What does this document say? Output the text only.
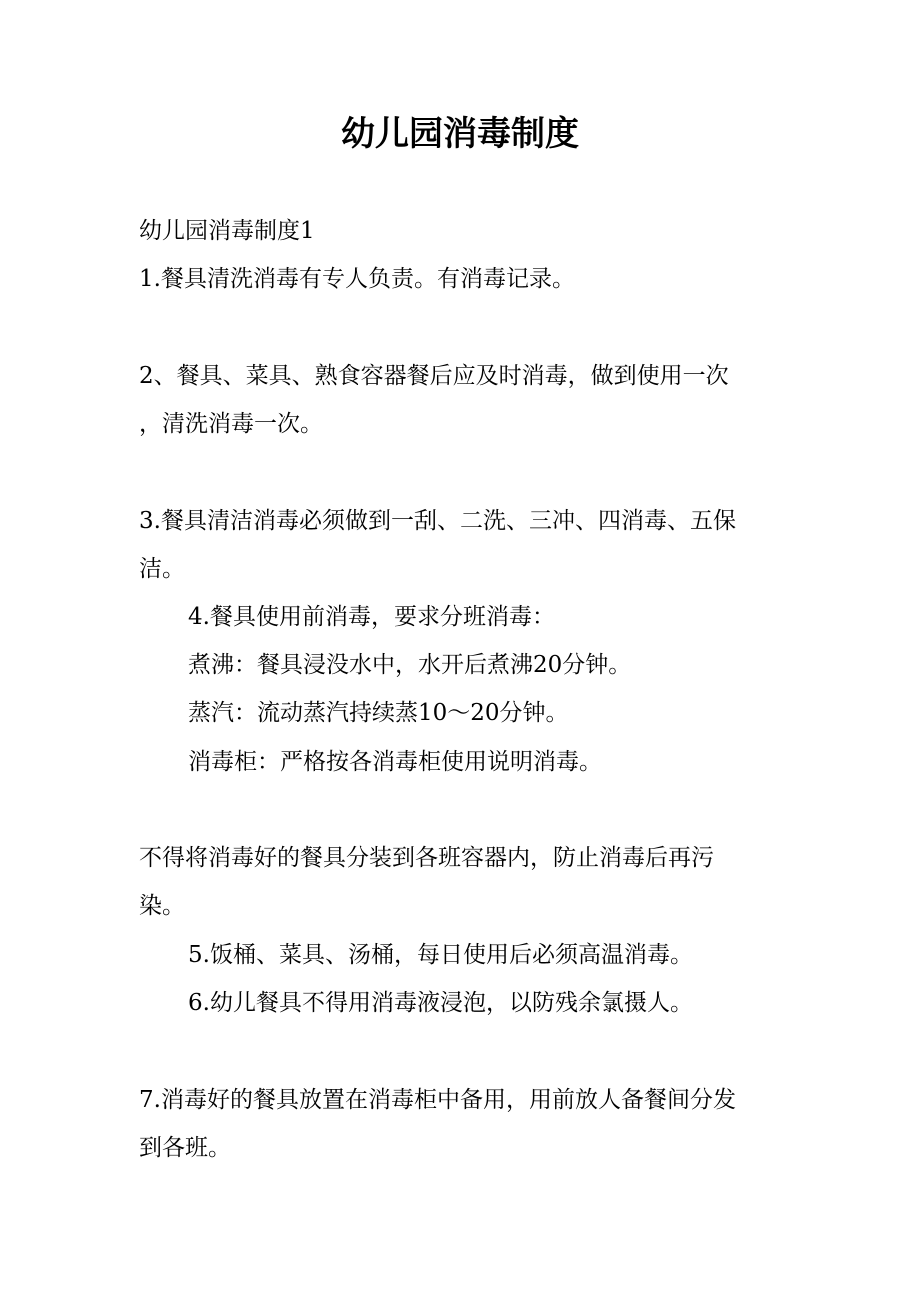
幼儿园消毒制度
幼儿园消毒制度1
1.餐具清洗消毒有专人负责。有消毒记录。
2、餐具、菜具、熟食容器餐后应及时消毒，做到使用一次
，清洗消毒一次。
3.餐具清洁消毒必须做到一刮、二洗、三冲、四消毒、五保
洁。
4.餐具使用前消毒，要求分班消毒：
煮沸：餐具浸没水中，水开后煮沸20分钟。
蒸汽：流动蒸汽持续蒸10～20分钟。
消毒柜：严格按各消毒柜使用说明消毒。
不得将消毒好的餐具分装到各班容器内，防止消毒后再污
染。
5.饭桶、菜具、汤桶，每日使用后必须高温消毒。
6.幼儿餐具不得用消毒液浸泡，以防残余氯摄人。
7.消毒好的餐具放置在消毒柜中备用，用前放人备餐间分发
到各班。
